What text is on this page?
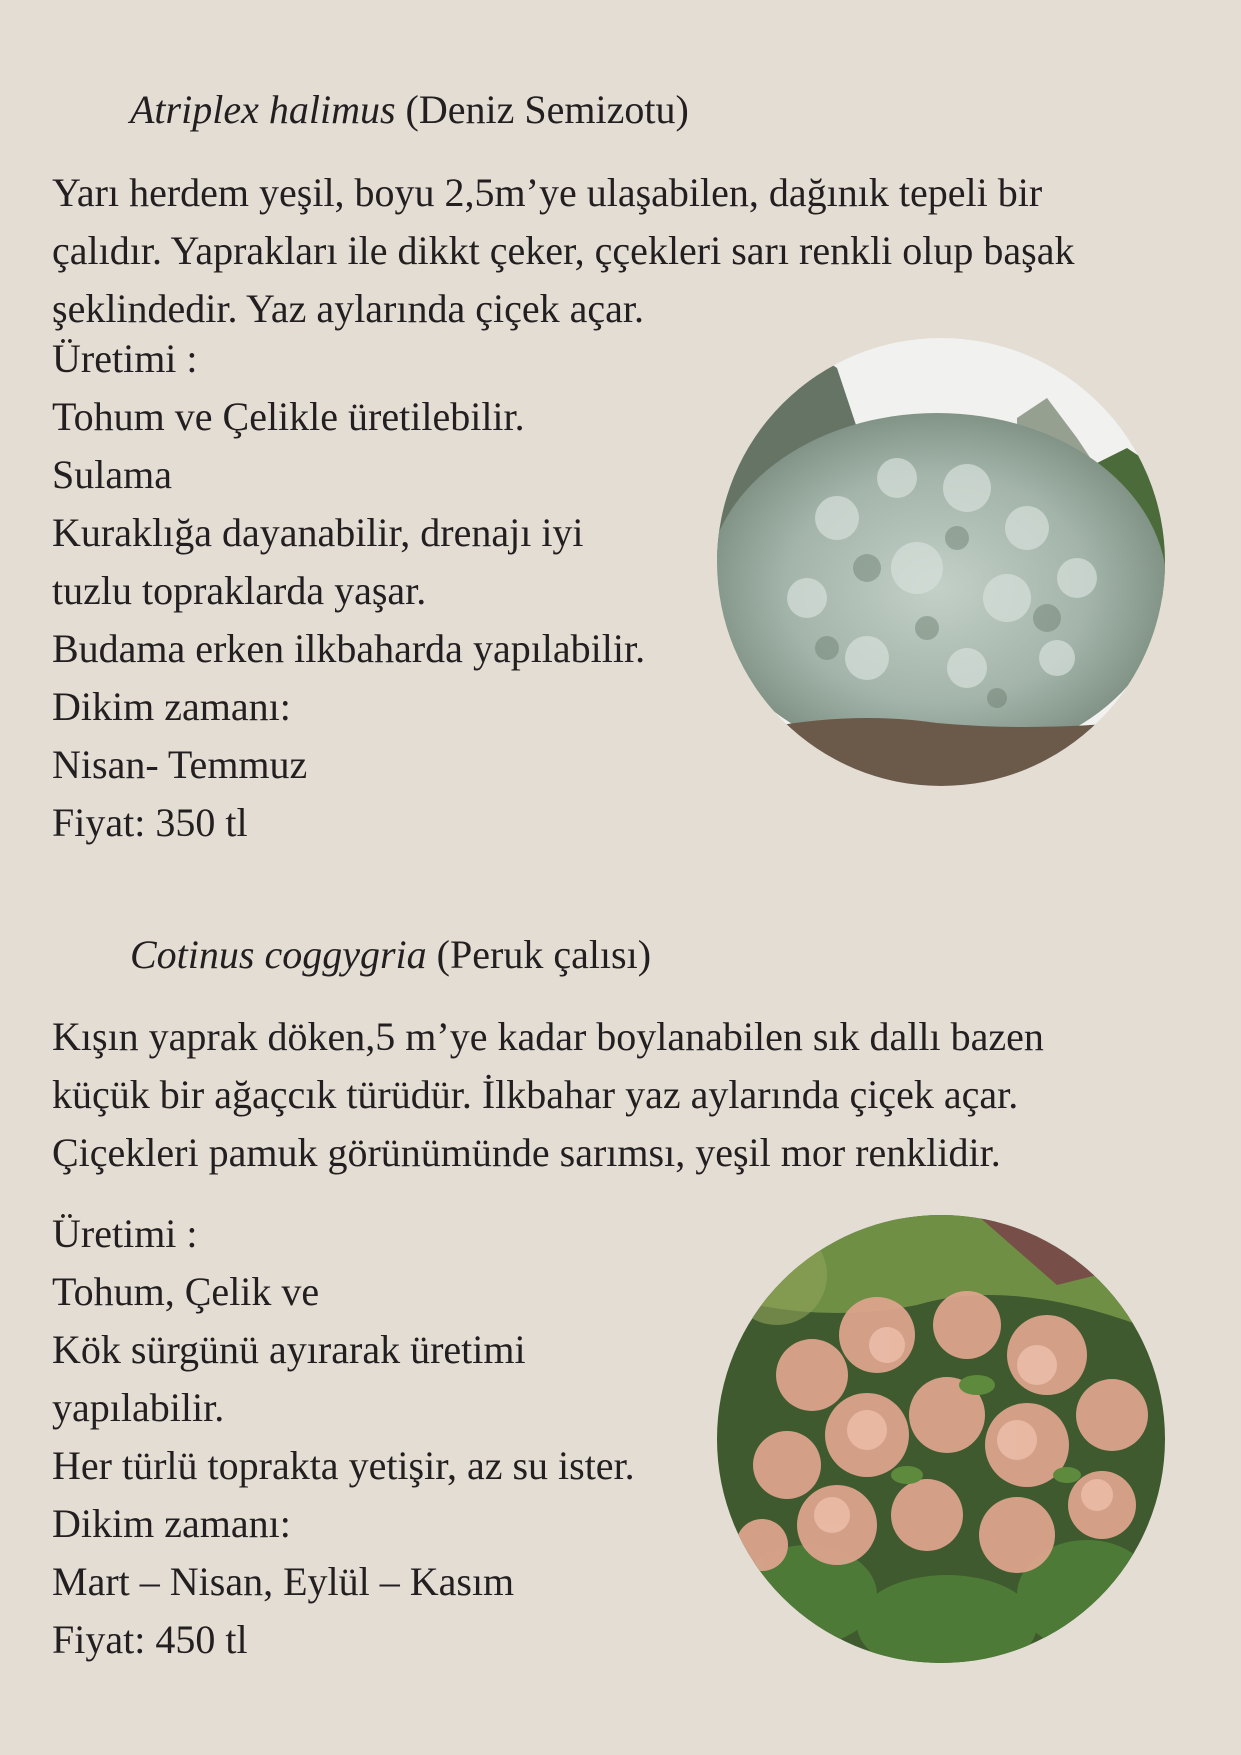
Atriplex halimus (Deniz Semizotu)
Yarı herdem yeşil, boyu 2,5m’ye ulaşabilen, dağınık tepeli bir
çalıdır. Yaprakları ile dikkt çeker, ççekleri sarı renkli olup başak
şeklindedir. Yaz aylarında çiçek açar.
Üretimi :
Tohum ve Çelikle üretilebilir.
Sulama
Kuraklığa dayanabilir, drenajı iyi
tuzlu topraklarda yaşar.
Budama erken ilkbaharda yapılabilir.
Dikim zamanı:
Nisan- Temmuz
Fiyat: 350 tl
Cotinus coggygria (Peruk çalısı)
Kışın yaprak döken,5 m’ye kadar boylanabilen sık dallı bazen
küçük bir ağaçcık türüdür. İlkbahar yaz aylarında çiçek açar.
Çiçekleri pamuk görünümünde sarımsı, yeşil mor renklidir.
Üretimi :
Tohum, Çelik ve
Kök sürgünü ayırarak üretimi
yapılabilir.
Her türlü toprakta yetişir, az su ister.
Dikim zamanı:
Mart – Nisan, Eylül – Kasım
Fiyat: 450 tl
